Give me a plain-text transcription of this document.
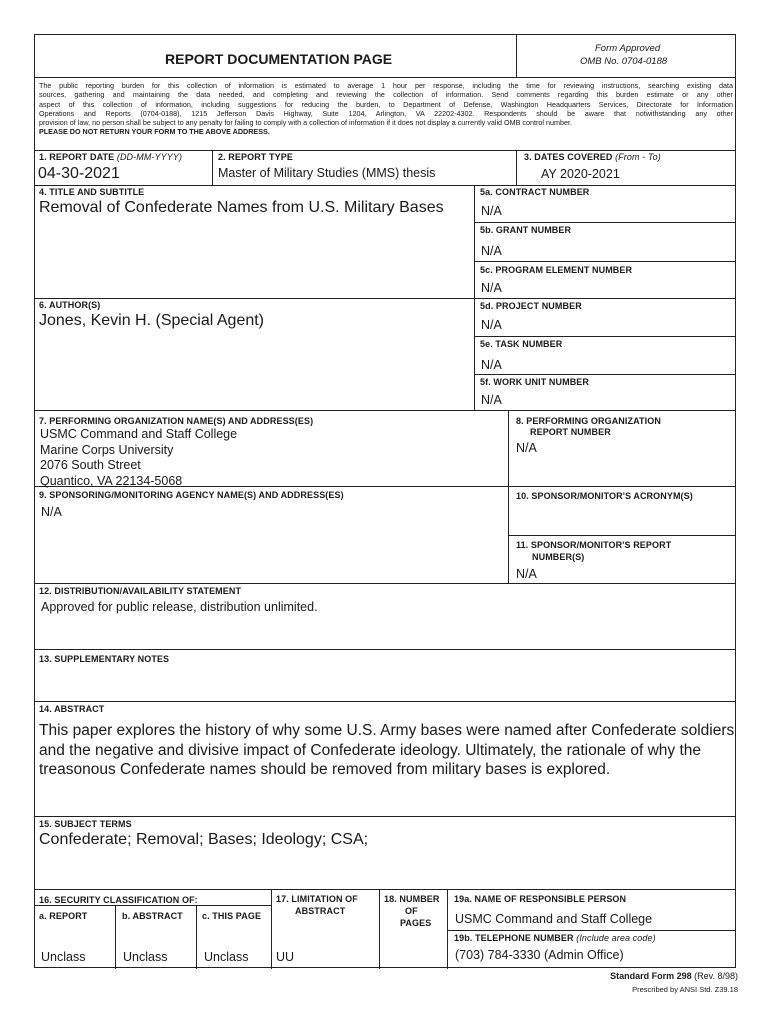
REPORT DOCUMENTATION PAGE
Form Approved
OMB No. 0704-0188
The public reporting burden for this collection of information is estimated to average 1 hour per response, including the time for reviewing instructions, searching existing data
sources, gathering and maintaining the data needed, and completing and reviewing the collection of information. Send comments regarding this burden estimate or any other
aspect of this collection of information, including suggestions for reducing the burden, to Department of Defense, Washington Headquarters Services, Directorate for Information
Operations and Reports (0704-0188), 1215 Jefferson Davis Highway, Suite 1204, Arlington, VA 22202-4302. Respondents should be aware that notwithstanding any other
provision of law, no person shall be subject to any penalty for failing to comply with a collection of information if it does not display a currently valid OMB control number.
PLEASE DO NOT RETURN YOUR FORM TO THE ABOVE ADDRESS.
1. REPORT DATE (DD-MM-YYYY)
04-30-2021
2. REPORT TYPE
Master of Military Studies (MMS) thesis
3. DATES COVERED (From - To)
AY 2020-2021
4. TITLE AND SUBTITLE
Removal of Confederate Names from U.S. Military Bases
5a. CONTRACT NUMBER
N/A
5b. GRANT NUMBER
N/A
5c. PROGRAM ELEMENT NUMBER
N/A
6. AUTHOR(S)
Jones, Kevin H. (Special Agent)
5d. PROJECT NUMBER
N/A
5e. TASK NUMBER
N/A
5f. WORK UNIT NUMBER
N/A
7. PERFORMING ORGANIZATION NAME(S) AND ADDRESS(ES)
USMC Command and Staff College
Marine Corps University
2076 South Street
Quantico, VA 22134-5068
8. PERFORMING ORGANIZATION
REPORT NUMBER
N/A
9. SPONSORING/MONITORING AGENCY NAME(S) AND ADDRESS(ES)
N/A
10. SPONSOR/MONITOR'S ACRONYM(S)
11. SPONSOR/MONITOR'S REPORT
NUMBER(S)
N/A
12. DISTRIBUTION/AVAILABILITY STATEMENT
Approved for public release, distribution unlimited.
13. SUPPLEMENTARY NOTES
14. ABSTRACT
This paper explores the history of why some U.S. Army bases were named after Confederate soldiers
and the negative and divisive impact of Confederate ideology. Ultimately, the rationale of why the
treasonous Confederate names should be removed from military bases is explored.
15. SUBJECT TERMS
Confederate; Removal; Bases; Ideology; CSA;
16. SECURITY CLASSIFICATION OF:
a. REPORT
Unclass
b. ABSTRACT
Unclass
c. THIS PAGE
Unclass
17. LIMITATION OF
ABSTRACT
UU
18. NUMBER
OF
PAGES
19a. NAME OF RESPONSIBLE PERSON
USMC Command and Staff College
19b. TELEPHONE NUMBER (Include area code)
(703) 784-3330 (Admin Office)
Standard Form 298 (Rev. 8/98)
Prescribed by ANSI Std. Z39.18
